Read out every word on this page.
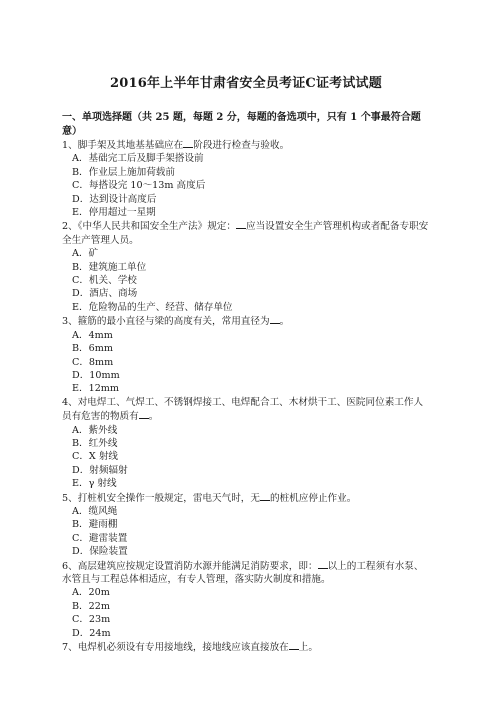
2016年上半年甘肃省安全员考证C证考试试题
一、单项选择题（共 25 题，每题 2 分，每题的备选项中，只有 1 个事最符合题意）

1、脚手架及其地基基础应在 阶段进行检查与验收。

A．基础完工后及脚手架搭设前

B．作业层上施加荷载前

C．每搭设完 10～13m 高度后

D．达到设计高度后

E．停用超过一星期

2、《中华人民共和国安全生产法》规定： 应当设置安全生产管理机构或者配备专职安全生产管理人员。

A．矿

B．建筑施工单位

C．机关、学校

D．酒店、商场

E．危险物品的生产、经营、储存单位

3、箍筋的最小直径与梁的高度有关，常用直径为 。

A．4mm

B．6mm

C．8mm

D．10mm

E．12mm

4、对电焊工、气焊工、不锈钢焊接工、电焊配合工、木材烘干工、医院同位素工作人员有危害的物质有 。

A．紫外线

B．红外线

C．X 射线

D．射频辐射

E．γ 射线

5、打桩机安全操作一般规定，雷电天气时，无 的桩机应停止作业。

A．缆风绳

B．避雨棚

C．避雷装置

D．保险装置

6、高层建筑应按规定设置消防水源并能满足消防要求，即： 以上的工程须有水泵、水管且与工程总体相适应，有专人管理，落实防火制度和措施。

A．20m

B．22m

C．23m

D．24m

7、电焊机必须设有专用接地线，接地线应该直接放在 上。
